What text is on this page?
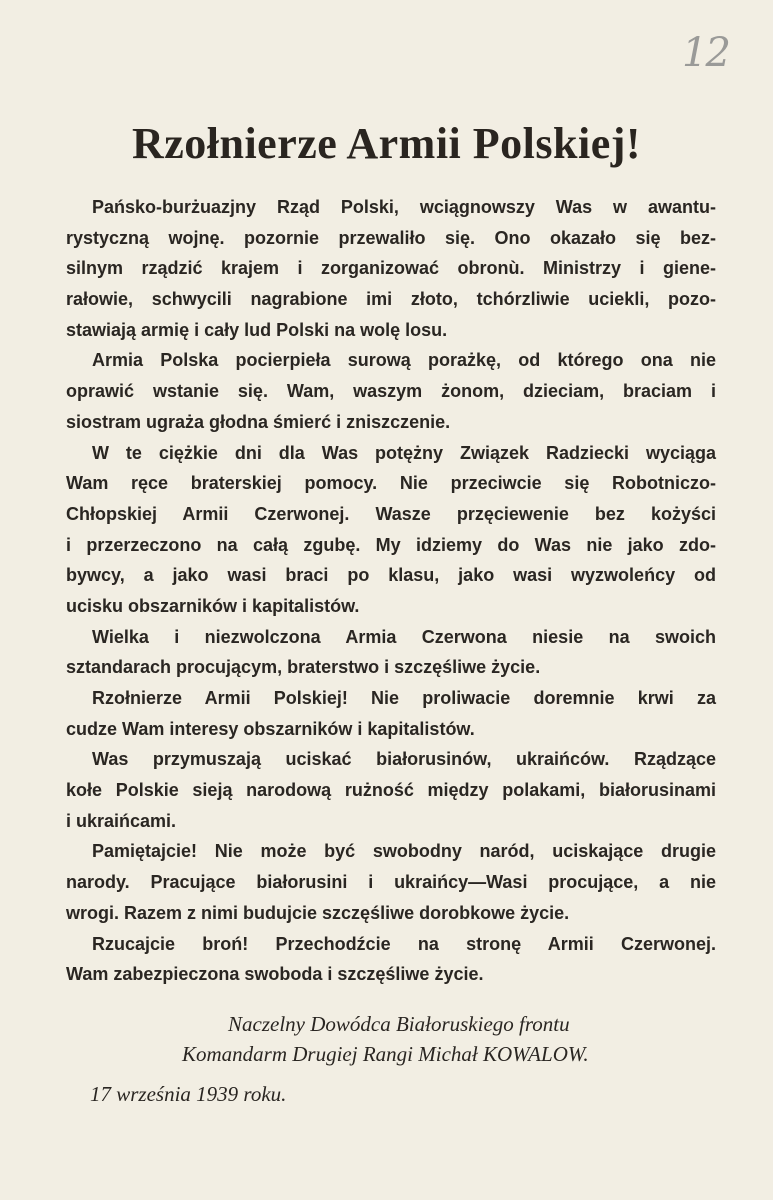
12
Rzołnierze Armii Polskiej!
Pańsko-burżuazjny Rząd Polski, wciągnowszy Was w awantu-
rystyczną wojnę. pozornie przewaliło się. Ono okazało się bez-
silnym rządzić krajem i zorganizować obronù. Ministrzy i giene-
rałowie, schwycili nagrabione imi złoto, tchórzliwie uciekli, pozo-
stawiają armię i cały lud Polski na wolę losu.
Armia Polska pocierpieła surową porażkę, od którego ona nie
oprawić wstanie się. Wam, waszym żonom, dzieciam, braciam i
siostram ugraża głodna śmierć i zniszczenie.
W te ciężkie dni dla Was potężny Związek Radziecki wyciąga
Wam ręce braterskiej pomocy. Nie przeciwcie się Robotniczo-
Chłopskiej Armii Czerwonej. Wasze przęciewenie bez kożyści
i przerzeczono na całą zgubę. My idziemy do Was nie jako zdo-
bywcy, a jako wasi braci po klasu, jako wasi wyzwoleńcy od
ucisku obszarników i kapitalistów.
Wielka i niezwolczona Armia Czerwona niesie na swoich
sztandarach procującym, braterstwo i szczęśliwe życie.
Rzołnierze Armii Polskiej! Nie proliwacie doremnie krwi za
cudze Wam interesy obszarników i kapitalistów.
Was przymuszają uciskać białorusinów, ukraińców. Rządzące
kołe Polskie sieją narodową rużność między polakami, białorusinami
i ukraińcami.
Pamiętajcie! Nie może być swobodny naród, uciskające drugie
narody. Pracujące białorusini i ukraińcy—Wasi procujące, a nie
wrogi. Razem z nimi budujcie szczęśliwe dorobkowe życie.
Rzucajcie broń! Przechodźcie na stronę Armii Czerwonej.
Wam zabezpieczona swoboda i szczęśliwe życie.
Naczelny Dowódca Białoruskiego frontu
Komandarm Drugiej Rangi Michał KOWALOW.
17 września 1939 roku.
